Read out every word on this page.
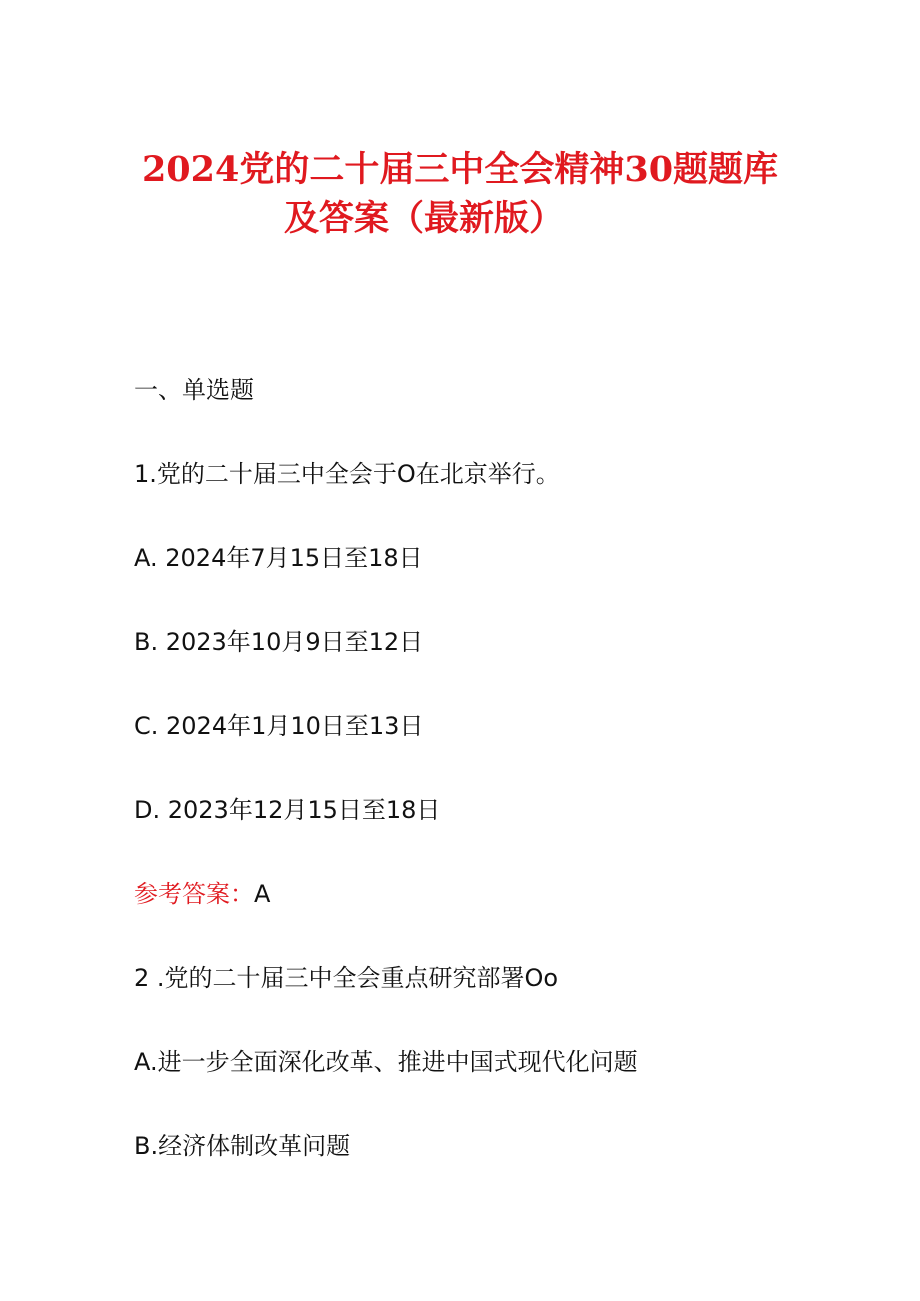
2024党的二十届三中全会精神30题题库
及答案（最新版）

一、单选题

1.党的二十届三中全会于O在北京举行。

A. 2024年7月15日至18日

B. 2023年10月9日至12日

C. 2024年1月10日至13日

D. 2023年12月15日至18日

参考答案：A

2 .党的二十届三中全会重点研究部署Oo

A.进一步全面深化改革、推进中国式现代化问题

B.经济体制改革问题
